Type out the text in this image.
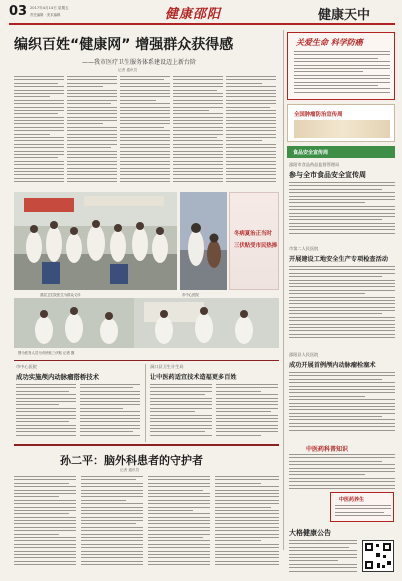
03 2017年4月14日 星期五
责任编辑 · 美术编辑	健康邵阳	健康天中
编织百姓“健康网” 增强群众获得感
——我市医疗卫生服务体系建设迈上新台阶
记者 通讯员
基层卫生院医生为群众义诊	市中心医院
冬病夏治正当时
三伏贴受市民热捧
图为医务人员为市民贴三伏贴 记者 摄
关爱生命 科学防癌
全国肿瘤防治宣传周
食品安全宣传周
邵阳市食品药品监督管理局
参与全市食品安全宣传周
市第二人民医院
开展建设工地安全生产专项检查活动
邵阳县人民医院
成功开展首例颅内动脉瘤栓塞术
市中心医院
成功实施颅内动脉瘤搭桥技术
洞口县卫生计生局
让中医药适宜技术造福更多百姓
孙二平：脑外科患者的守护者
记者 通讯员
中医药科普知识
中医药养生
大格健康公告
